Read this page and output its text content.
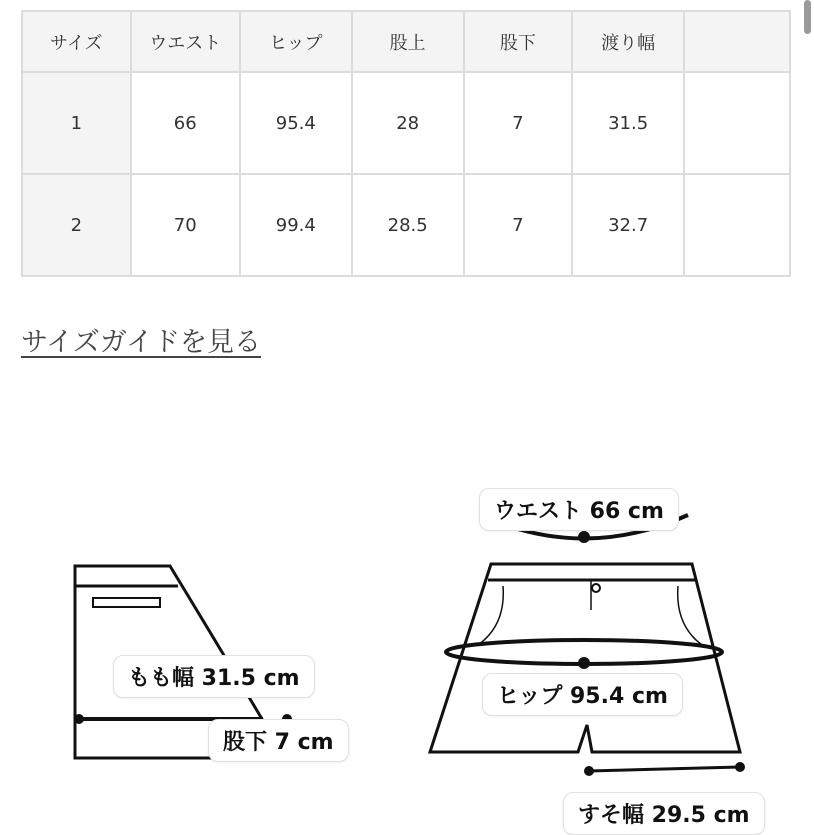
サイズ	ウエスト	ヒップ	股上	股下	渡り幅	
1	66	95.4	28	7	31.5	
2	70	99.4	28.5	7	32.7	
サイズガイドを見る
ウエスト 66 cm
もも幅 31.5 cm
ヒップ 95.4 cm
股下 7 cm
すそ幅 29.5 cm
